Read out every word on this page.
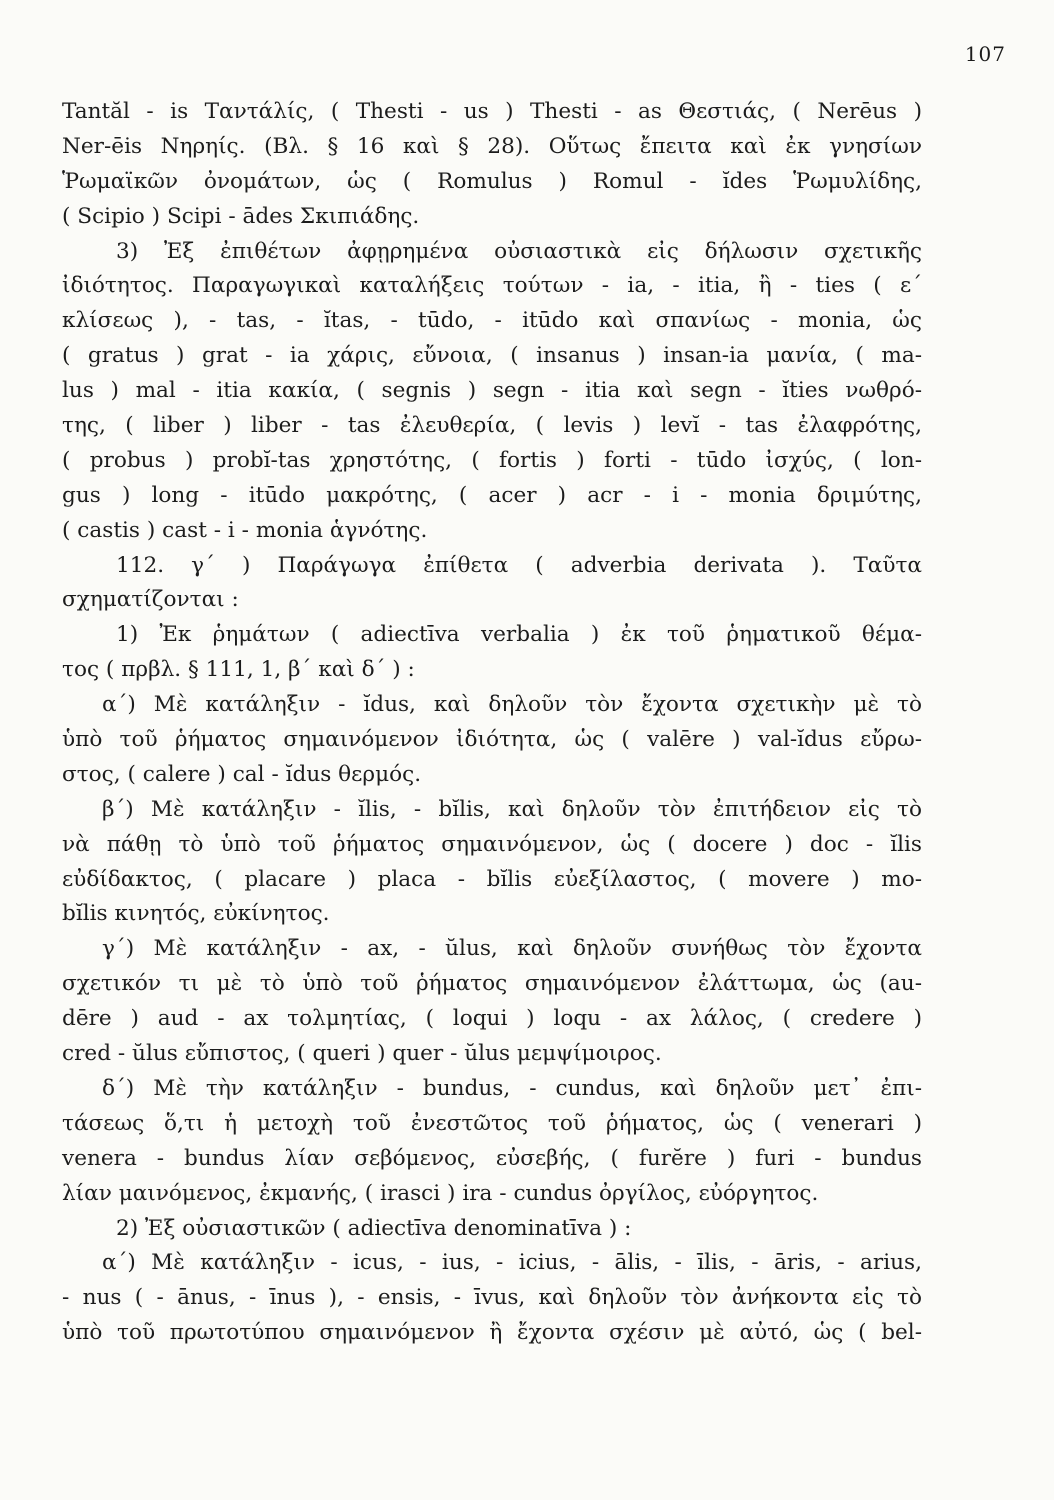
107
Tantăl - is Ταντάλίς, ( Thesti - us ) Thesti - as Θεστιάς, ( Nerēus )
Ner-ēis Νηρηίς. (Βλ. § 16 καὶ § 28). Οὕτως ἔπειτα καὶ ἐκ γνησίων
Ῥωμαϊκῶν ὀνομάτων, ὡς ( Romulus ) Romul - ĭdes Ῥωμυλίδης,
( Scipio ) Scipi - ādes Σκιπιάδης.
3) Ἐξ ἐπιθέτων ἀφῃρημένα οὐσιαστικὰ εἰς δήλωσιν σχετικῆς
ἰδιότητος. Παραγωγικαὶ καταλήξεις τούτων - ia, - itia, ἢ - ties ( ε´
κλίσεως ), - tas, - ĭtas, - tūdo, - itūdo καὶ σπανίως - monia, ὡς
( gratus ) grat - ia χάρις, εὔνοια, ( insanus ) insan-ia μανία, ( ma-
lus ) mal - itia κακία, ( segnis ) segn - itia καὶ segn - ĭties νωθρό-
της, ( liber ) liber - tas ἐλευθερία, ( levis ) levĭ - tas ἐλαφρότης,
( probus ) probĭ-tas χρηστότης, ( fortis ) forti - tūdo ἰσχύς, ( lon-
gus ) long - itūdo μακρότης, ( acer ) acr - i - monia δριμύτης,
( castis ) cast - i - monia ἁγνότης.
112. γ´ ) Παράγωγα ἐπίθετα ( adverbia derivata ). Ταῦτα
σχηματίζονται :
1) Ἐκ ῥημάτων ( adiectīva verbalia ) ἐκ τοῦ ῥηματικοῦ θέμα-
τος ( πρβλ. § 111, 1, β´ καὶ δ´ ) :
α´) Μὲ κατάληξιν - ĭdus, καὶ δηλοῦν τὸν ἔχοντα σχετικὴν μὲ τὸ
ὑπὸ τοῦ ῥήματος σημαινόμενον ἰδιότητα, ὡς ( valēre ) val-ĭdus εὔρω-
στος, ( calere ) cal - ĭdus θερμός.
β´) Μὲ κατάληξιν - ĭlis, - bĭlis, καὶ δηλοῦν τὸν ἐπιτήδειον εἰς τὸ
νὰ πάθῃ τὸ ὑπὸ τοῦ ῥήματος σημαινόμενον, ὡς ( docere ) doc - ĭlis
εὐδίδακτος, ( placare ) placa - bĭlis εὐεξίλαστος, ( movere ) mo-
bĭlis κινητός, εὐκίνητος.
γ´) Μὲ κατάληξιν - ax, - ŭlus, καὶ δηλοῦν συνήθως τὸν ἔχοντα
σχετικόν τι μὲ τὸ ὑπὸ τοῦ ῥήματος σημαινόμενον ἐλάττωμα, ὡς (au-
dēre ) aud - ax τολμητίας, ( loqui ) loqu - ax λάλος, ( credere )
cred - ŭlus εὔπιστος, ( queri ) quer - ŭlus μεμψίμοιρος.
δ´) Μὲ τὴν κατάληξιν - bundus, - cundus, καὶ δηλοῦν μετ᾽ ἐπι-
τάσεως ὅ,τι ἡ μετοχὴ τοῦ ἐνεστῶτος τοῦ ῥήματος, ὡς ( venerari )
venera - bundus λίαν σεβόμενος, εὐσεβής, ( furĕre ) furi - bundus
λίαν μαινόμενος, ἐκμανής, ( irasci ) ira - cundus ὀργίλος, εὐόργητος.
2) Ἐξ οὐσιαστικῶν ( adiectīva denominatīva ) :
α´) Μὲ κατάληξιν - icus, - ius, - icius, - ālis, - īlis, - āris, - arius,
- nus ( - ānus, - īnus ), - ensis, - īvus, καὶ δηλοῦν τὸν ἀνήκοντα εἰς τὸ
ὑπὸ τοῦ πρωτοτύπου σημαινόμενον ἢ ἔχοντα σχέσιν μὲ αὐτό, ὡς ( bel-
